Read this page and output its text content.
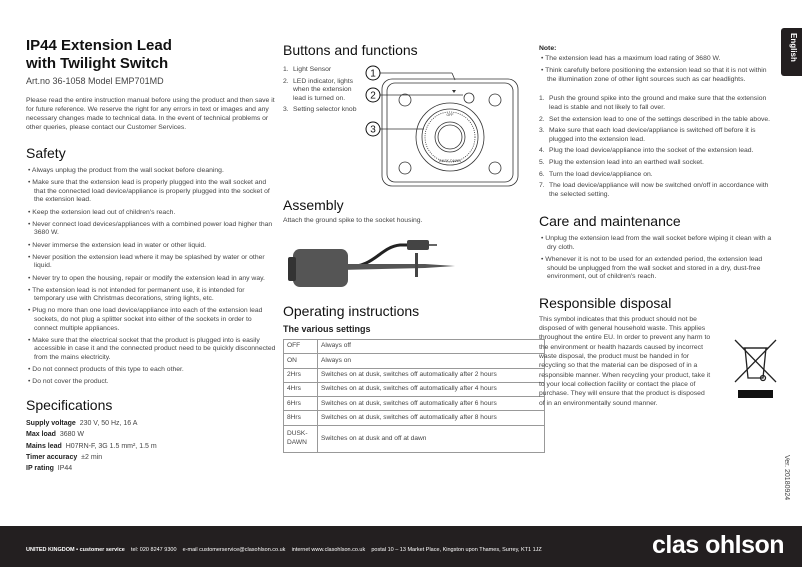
IP44 Extension Lead
with Twilight Switch
Art.no 36-1058 Model EMP701MD
Please read the entire instruction manual before using the product and then save it for future reference. We reserve the right for any errors in text or images and any necessary changes made to technical data. In the event of technical problems or other queries, please contact our Customer Services.
Safety
• Always unplug the product from the wall socket before cleaning.
• Make sure that the extension lead is properly plugged into the wall socket and that the connected load device/appliance is properly plugged into the socket of the extension lead.
• Keep the extension lead out of children's reach.
• Never connect load devices/appliances with a combined power load higher than 3680 W.
• Never immerse the extension lead in water or other liquid.
• Never position the extension lead where it may be splashed by water or other liquid.
• Never try to open the housing, repair or modify the extension lead in any way.
• The extension lead is not intended for permanent use, it is intended for temporary use with Christmas decorations, string lights, etc.
• Plug no more than one load device/appliance into each of the extension lead sockets, do not plug a splitter socket into either of the sockets in order to connect multiple appliances.
• Make sure that the electrical socket that the product is plugged into is easily accessible in case it and the connected product need to be quickly disconnected from the mains electricity.
• Do not connect products of this type to each other.
• Do not cover the product.
Specifications
Supply voltage 230 V, 50 Hz, 16 A
Max load 3680 W
Mains lead H07RN-F, 3G 1.5 mm², 1.5 m
Timer accuracy ±2 min
IP rating IP44
Buttons and functions
1. Light Sensor
2. LED indicator, lights when the extension lead is turned on.
3. Setting selector knob
OFF
DUSK-DAWN
1
2
3
Assembly
Attach the ground spike to the socket housing.
Operating instructions
The various settings
OFF	Always off
ON	Always on
2Hrs	Switches on at dusk, switches off automatically after 2 hours
4Hrs	Switches on at dusk, switches off automatically after 4 hours
6Hrs	Switches on at dusk, switches off automatically after 6 hours
8Hrs	Switches on at dusk, switches off automatically after 8 hours
DUSK-DAWN	Switches on at dusk and off at dawn
Note:
• The extension lead has a maximum load rating of 3680 W.
• Think carefully before positioning the extension lead so that it is not within the illumination zone of other light sources such as car headlights.
1. Push the ground spike into the ground and make sure that the extension lead is stable and not likely to fall over.
2. Set the extension lead to one of the settings described in the table above.
3. Make sure that each load device/appliance is switched off before it is plugged into the extension lead.
4. Plug the load device/appliance into the socket of the extension lead.
5. Plug the extension lead into an earthed wall socket.
6. Turn the load device/appliance on.
7. The load device/appliance will now be switched on/off in accordance with the selected setting.
Care and maintenance
• Unplug the extension lead from the wall socket before wiping it clean with a dry cloth.
• Whenever it is not to be used for an extended period, the extension lead should be unplugged from the wall socket and stored in a dry, dust-free environment, out of children's reach.
Responsible disposal
This symbol indicates that this product should not be disposed of with general household waste. This applies throughout the entire EU. In order to prevent any harm to the environment or health hazards caused by incorrect waste disposal, the product must be handed in for recycling so that the material can be disposed of in a responsible manner. When recycling your product, take it to your local collection facility or contact the place of purchase. They will ensure that the product is disposed of in an environmentally sound manner.
English
Ver. 20180924
UNITED KINGDOM • customer service tel: 020 8247 9300 e-mail customerservice@clasohlson.co.uk internet www.clasohlson.co.uk postal 10 – 13 Market Place, Kingston upon Thames, Surrey, KT1 1JZ	clas ohlson
